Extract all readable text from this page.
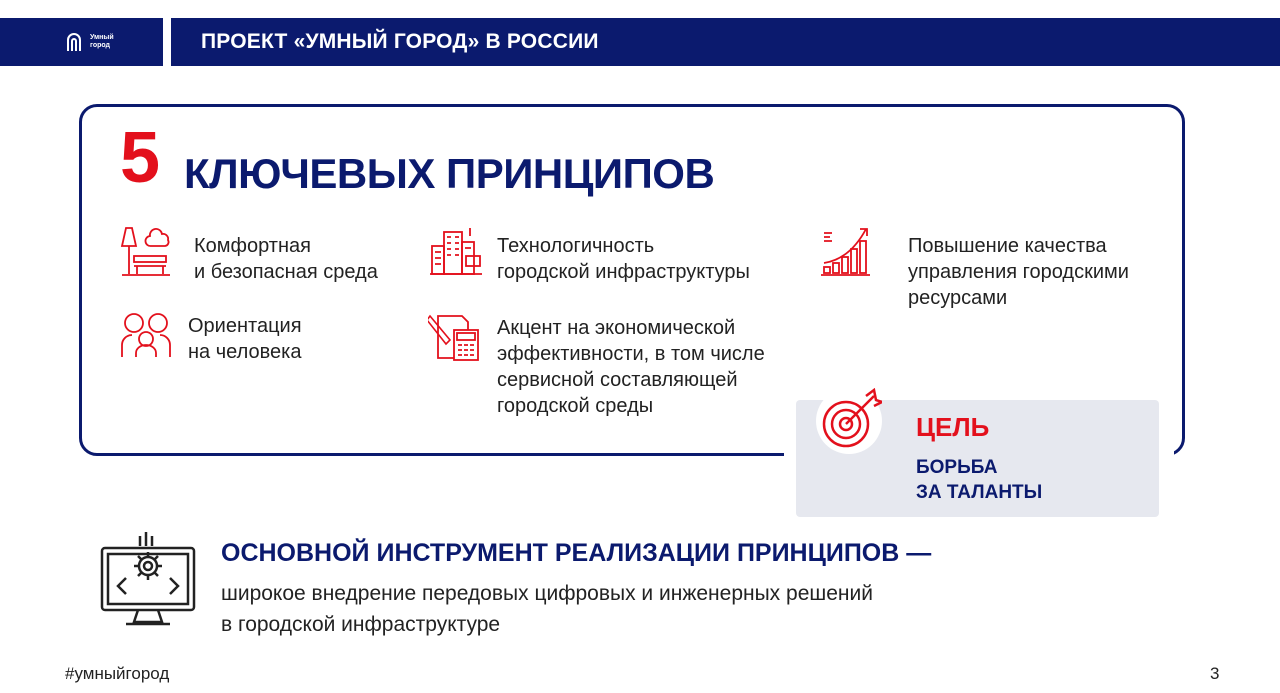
Умный
город	ПРОЕКТ «УМНЫЙ ГОРОД» В РОССИИ
5 КЛЮЧЕВЫХ ПРИНЦИПОВ
Комфортная
и безопасная среда
Ориентация
на человека
Технологичность
городской инфраструктуры
Акцент на экономической
эффективности, в том числе
сервисной составляющей
городской среды
Повышение качества
управления городскими
ресурсами
ЦЕЛЬ
БОРЬБА
ЗА ТАЛАНТЫ
ОСНОВНОЙ ИНСТРУМЕНТ РЕАЛИЗАЦИИ ПРИНЦИПОВ —
широкое внедрение передовых цифровых и инженерных решений
в городской инфраструктуре
#умныйгород	3
